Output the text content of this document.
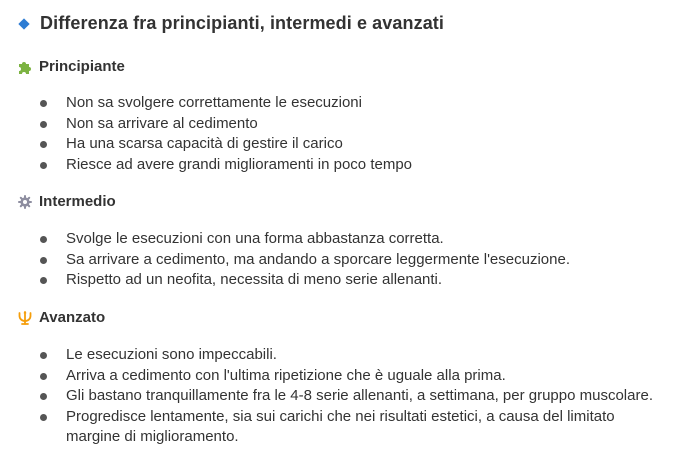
Differenza fra principianti, intermedi e avanzati
Principiante
Non sa svolgere correttamente le esecuzioni
Non sa arrivare al cedimento
Ha una scarsa capacità di gestire il carico
Riesce ad avere grandi miglioramenti in poco tempo
Intermedio
Svolge le esecuzioni con una forma abbastanza corretta.
Sa arrivare a cedimento, ma andando a sporcare leggermente l'esecuzione.
Rispetto ad un neofita, necessita di meno serie allenanti.
Avanzato
Le esecuzioni sono impeccabili.
Arriva a cedimento con l'ultima ripetizione che è uguale alla prima.
Gli bastano tranquillamente fra le 4-8 serie allenanti, a settimana, per gruppo muscolare.
Progredisce lentamente, sia sui carichi che nei risultati estetici, a causa del limitato margine di miglioramento.
